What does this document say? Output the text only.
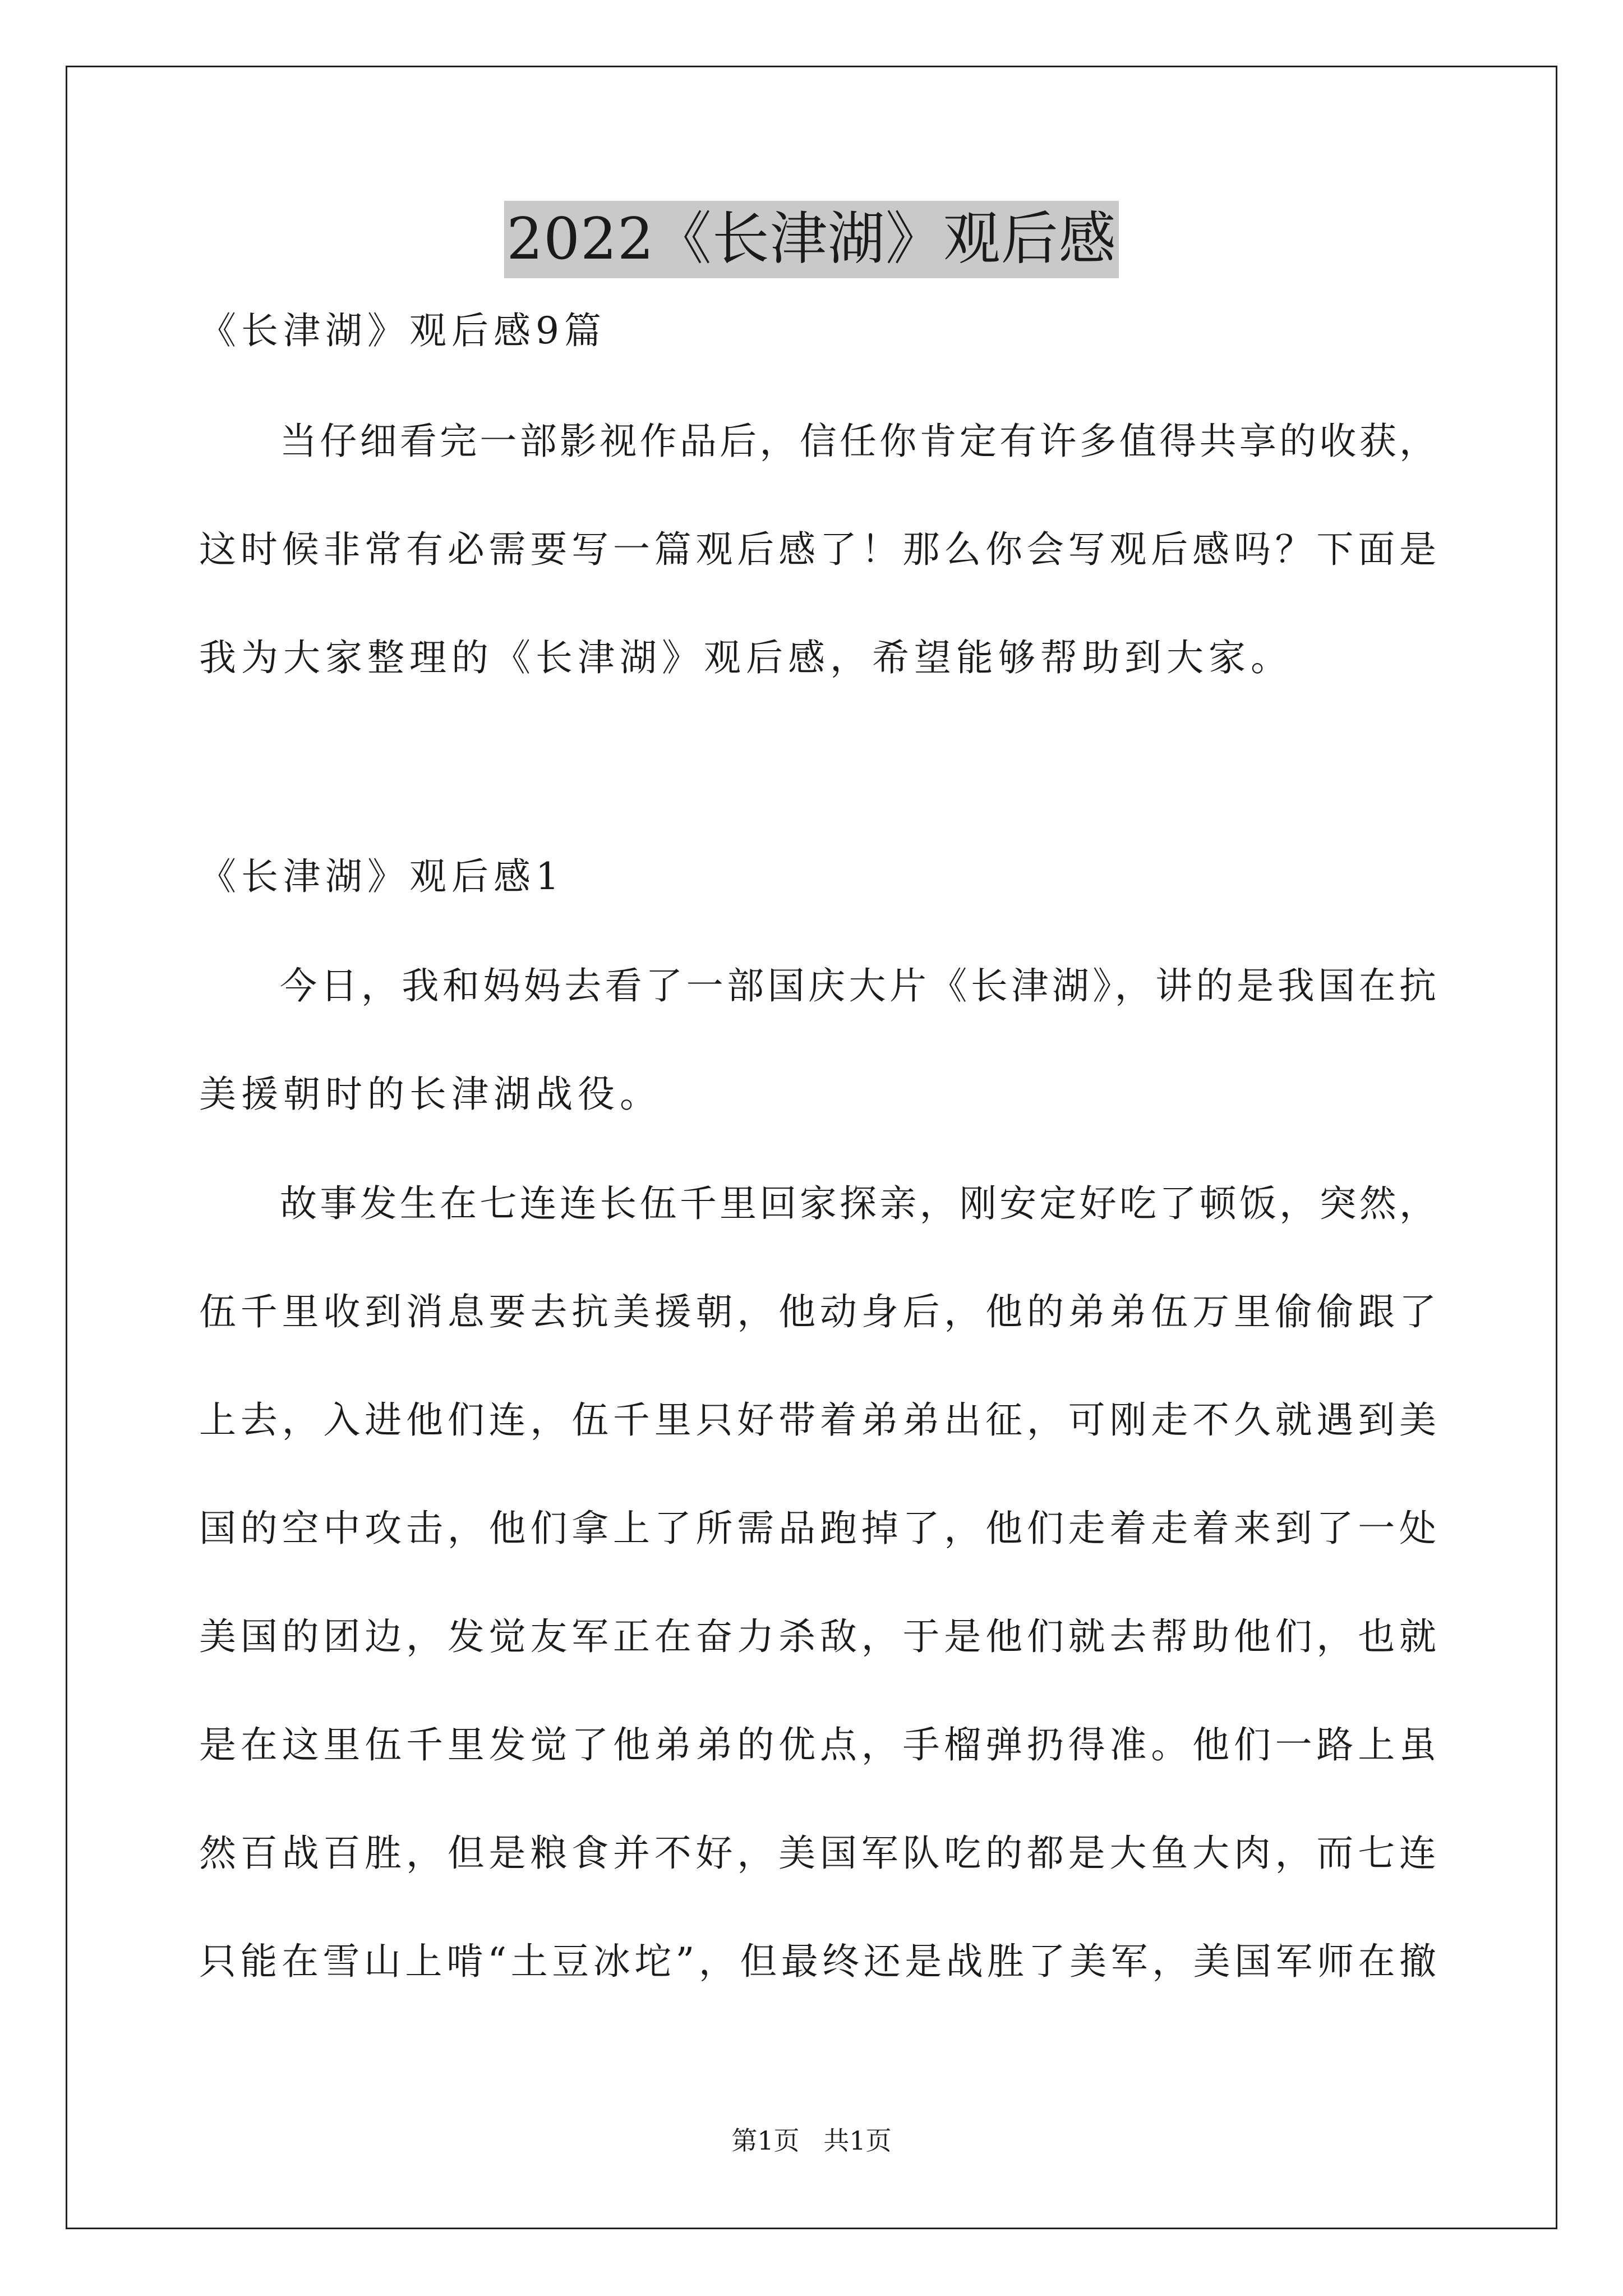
2022《长津湖》观后感

《长津湖》观后感9篇

当仔细看完一部影视作品后，信任你肯定有许多值得共享的收获，

这时候非常有必需要写一篇观后感了！那么你会写观后感吗？下面是

我为大家整理的《长津湖》观后感，希望能够帮助到大家。

《长津湖》观后感1

今日，我和妈妈去看了一部国庆大片《长津湖》，讲的是我国在抗

美援朝时的长津湖战役。

故事发生在七连连长伍千里回家探亲，刚安定好吃了顿饭，突然，

伍千里收到消息要去抗美援朝，他动身后，他的弟弟伍万里偷偷跟了

上去，入进他们连，伍千里只好带着弟弟出征，可刚走不久就遇到美

国的空中攻击，他们拿上了所需品跑掉了，他们走着走着来到了一处

美国的团边，发觉友军正在奋力杀敌，于是他们就去帮助他们，也就

是在这里伍千里发觉了他弟弟的优点，手榴弹扔得准。他们一路上虽

然百战百胜，但是粮食并不好，美国军队吃的都是大鱼大肉，而七连

只能在雪山上啃“土豆冰坨”，但最终还是战胜了美军，美国军师在撤

第1页 共1页
